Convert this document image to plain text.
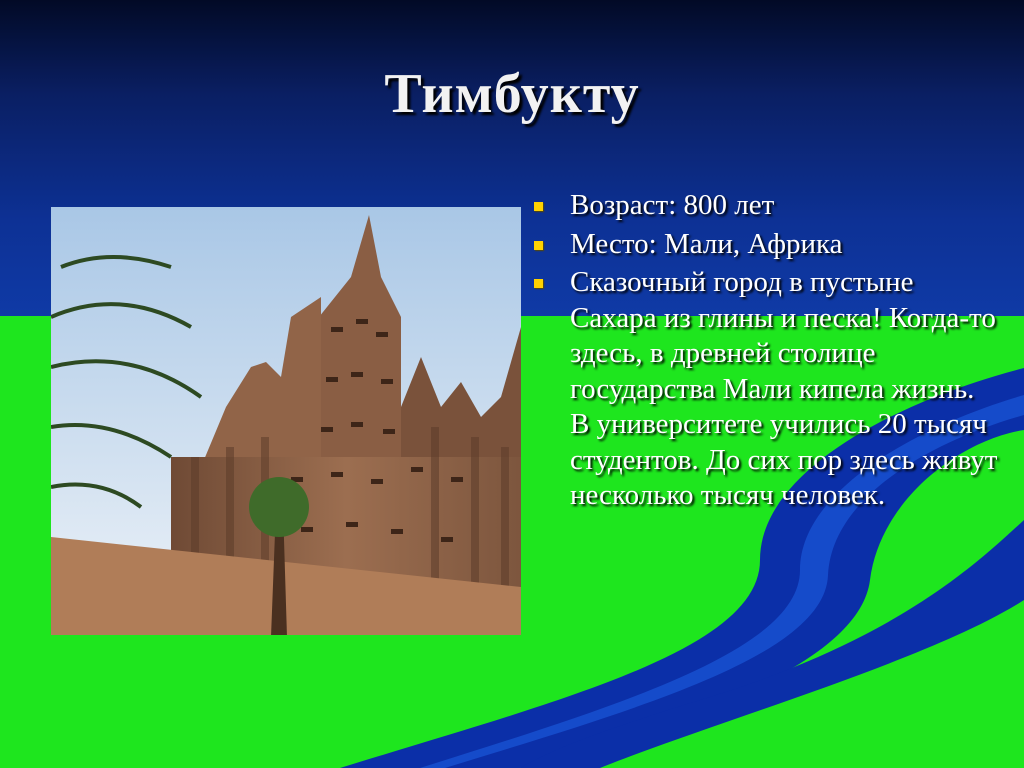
Тимбукту
Возраст: 800 лет
Место: Мали, Африка
Сказочный город в пустыне Сахара из глины и песка! Когда-то здесь, в древней столице государства Мали кипела жизнь. В университете учились 20 тысяч студентов. До сих пор здесь живут несколько тысяч человек.
